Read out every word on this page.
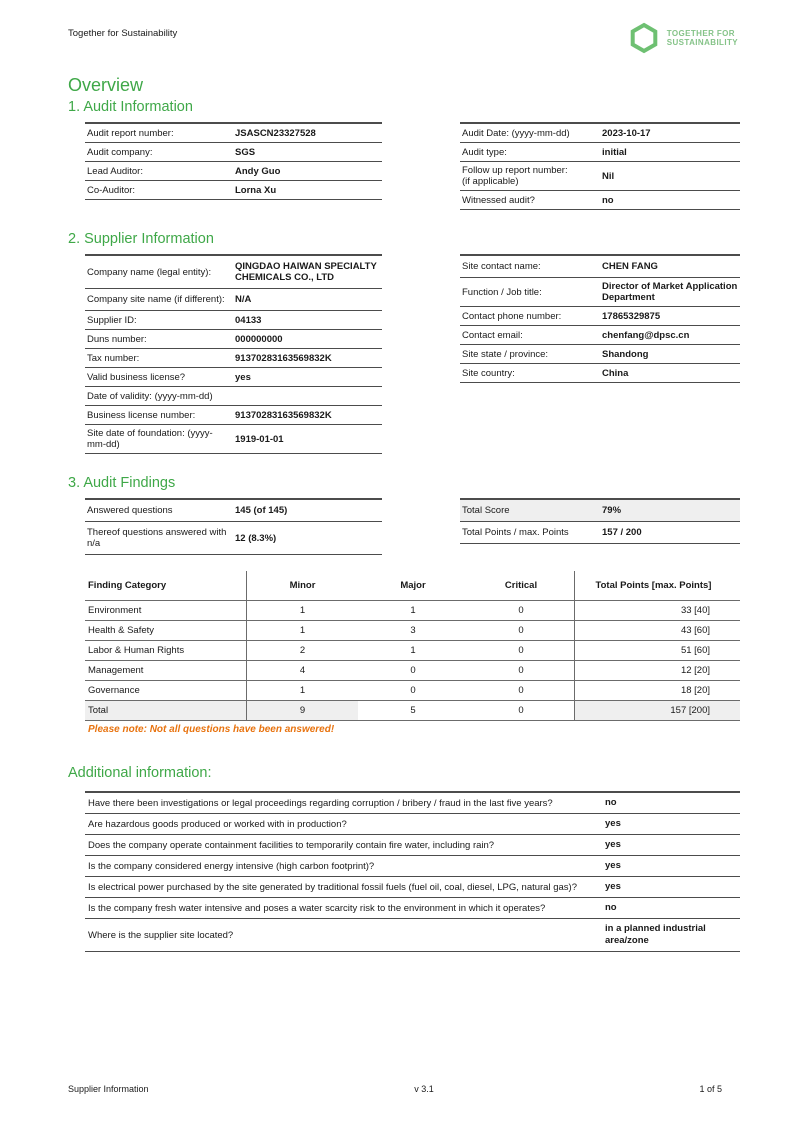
Together for Sustainability	TOGETHER FOR
SUSTAINABILITY
Overview
1. Audit Information
Audit report number:	JSASCN23327528
Audit company:	SGS
Lead Auditor:	Andy Guo
Co-Auditor:	Lorna Xu
Audit Date: (yyyy-mm-dd)	2023-10-17
Audit type:	initial
Follow up report number:
(if applicable)	Nil
Witnessed audit?	no
2. Supplier Information
Company name (legal entity):	QINGDAO HAIWAN SPECIALTY CHEMICALS CO., LTD
Company site name (if different):	N/A
Supplier ID:	04133
Duns number:	000000000
Tax number:	91370283163569832K
Valid business license?	yes
Date of validity: (yyyy-mm-dd)
Business license number:	91370283163569832K
Site date of foundation: (yyyy-mm-dd)	1919-01-01
Site contact name:	CHEN FANG
Function / Job title:	Director of Market Application Department
Contact phone number:	17865329875
Contact email:	chenfang@dpsc.cn
Site state / province:	Shandong
Site country:	China
3. Audit Findings
Answered questions	145 (of 145)
Thereof questions answered with n/a	12 (8.3%)
Total Score	79%
Total Points / max. Points	157 / 200
Finding Category	Minor	Major	Critical	Total Points [max. Points]
Environment	1	1	0	33 [40]
Health & Safety	1	3	0	43 [60]
Labor & Human Rights	2	1	0	51 [60]
Management	4	0	0	12 [20]
Governance	1	0	0	18 [20]
Total	9	5	0	157 [200]
Please note: Not all questions have been answered!
Additional information:
Have there been investigations or legal proceedings regarding corruption / bribery / fraud in the last five years?	no
Are hazardous goods produced or worked with in production?	yes
Does the company operate containment facilities to temporarily contain fire water, including rain?	yes
Is the company considered energy intensive (high carbon footprint)?	yes
Is electrical power purchased by the site generated by traditional fossil fuels (fuel oil, coal, diesel, LPG, natural gas)?	yes
Is the company fresh water intensive and poses a water scarcity risk to the environment in which it operates?	no
Where is the supplier site located?
in a planned industrial area/zone
Supplier Information	v 3.1	1 of 5
